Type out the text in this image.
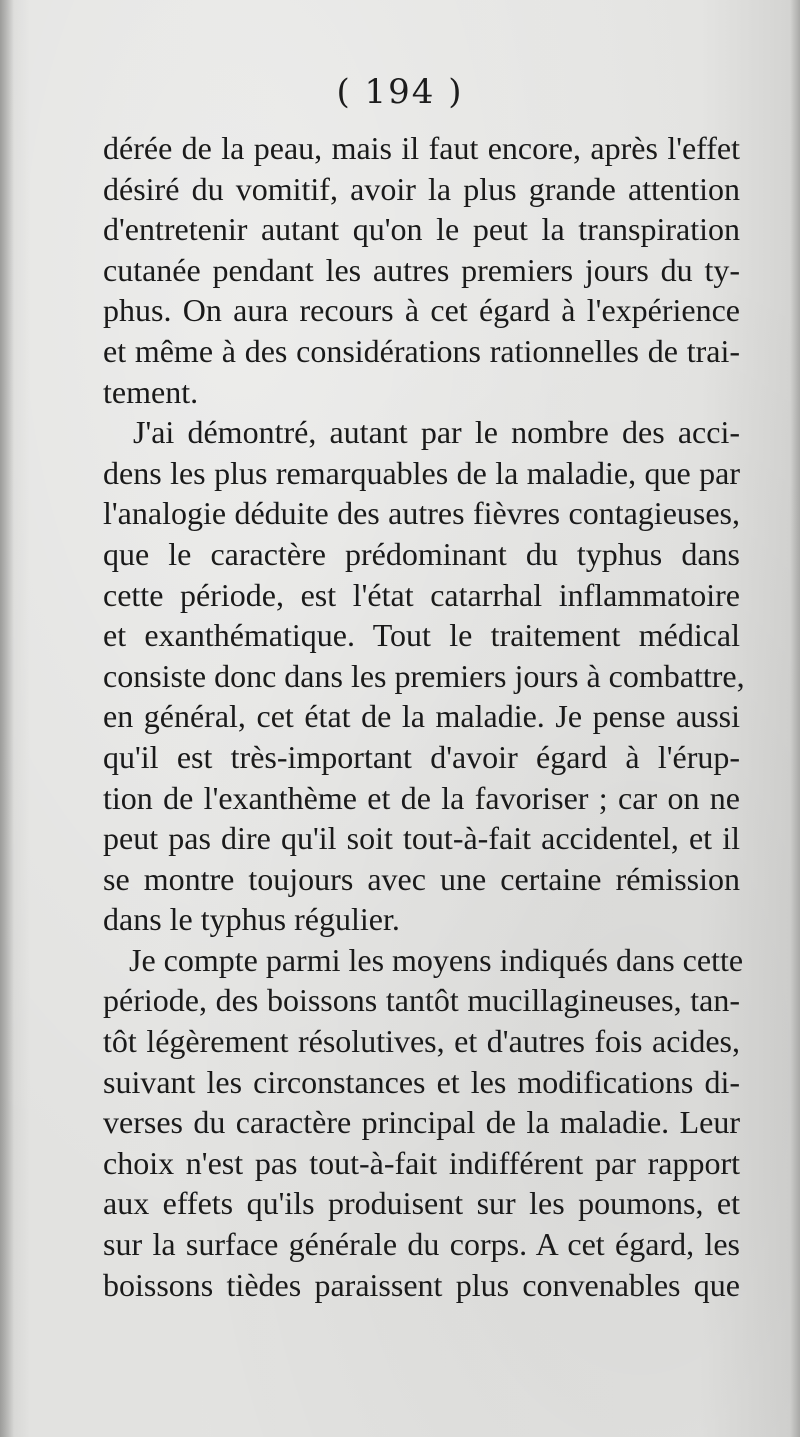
( 194 )
dérée de la peau, mais il faut encore, après l'effet
désiré du vomitif, avoir la plus grande attention
d'entretenir autant qu'on le peut la transpiration
cutanée pendant les autres premiers jours du ty-
phus. On aura recours à cet égard à l'expérience
et même à des considérations rationnelles de trai-
tement.
J'ai démontré, autant par le nombre des acci-
dens les plus remarquables de la maladie, que par
l'analogie déduite des autres fièvres contagieuses,
que le caractère prédominant du typhus dans
cette période, est l'état catarrhal inflammatoire
et exanthématique. Tout le traitement médical
consiste donc dans les premiers jours à combattre,
en général, cet état de la maladie. Je pense aussi
qu'il est très-important d'avoir égard à l'érup-
tion de l'exanthème et de la favoriser ; car on ne
peut pas dire qu'il soit tout-à-fait accidentel, et il
se montre toujours avec une certaine rémission
dans le typhus régulier.
Je compte parmi les moyens indiqués dans cette
période, des boissons tantôt mucillagineuses, tan-
tôt légèrement résolutives, et d'autres fois acides,
suivant les circonstances et les modifications di-
verses du caractère principal de la maladie. Leur
choix n'est pas tout-à-fait indifférent par rapport
aux effets qu'ils produisent sur les poumons, et
sur la surface générale du corps. A cet égard, les
boissons tièdes paraissent plus convenables que
